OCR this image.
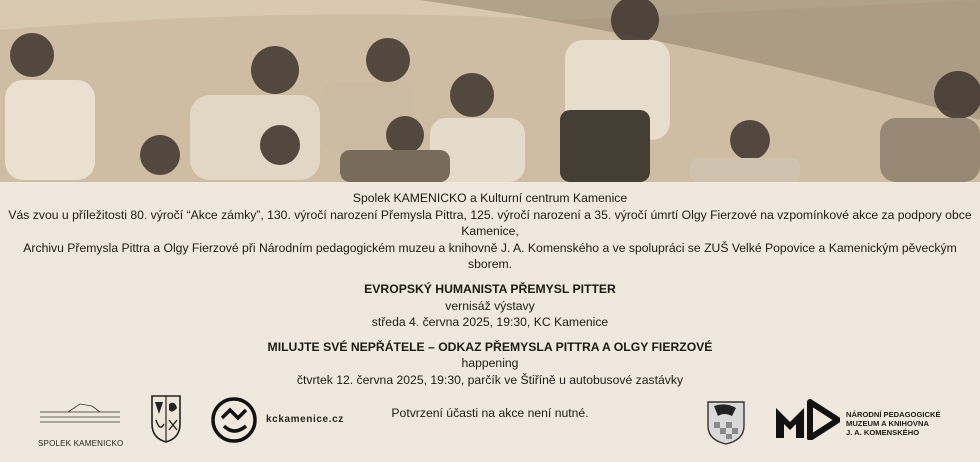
Spolek KAMENICKO a Kulturní centrum Kamenice

Vás zvou u příležitosti 80. výročí “Akce zámky”, 130. výročí narození Přemysla Pittra, 125. výročí narození a 35. výročí úmrtí Olgy Fierzové na vzpomínkové akce za podpory obce Kamenice,

Archivu Přemysla Pittra a Olgy Fierzové při Národním pedagogickém muzeu a knihovně J. A. Komenského a ve spolupráci se ZUŠ Velké Popovice a Kamenickým pěveckým sborem.

EVROPSKÝ HUMANISTA PŘEMYSL PITTER

vernisáž výstavy

středa 4. června 2025, 19:30, KC Kamenice

MILUJTE SVÉ NEPŘÁTELE – ODKAZ PŘEMYSLA PITTRA A OLGY FIERZOVÉ

happening

čtvrtek 12. června 2025, 19:30, parčík ve Štiříně u autobusové zastávky

Potvrzení účasti na akce není nutné.

SPOLEK KAMENICKO
kckamenice.cz	NÁRODNÍ PEDAGOGICKÉ
MUZEUM A KNIHOVNA
J. A. KOMENSKÉHO
